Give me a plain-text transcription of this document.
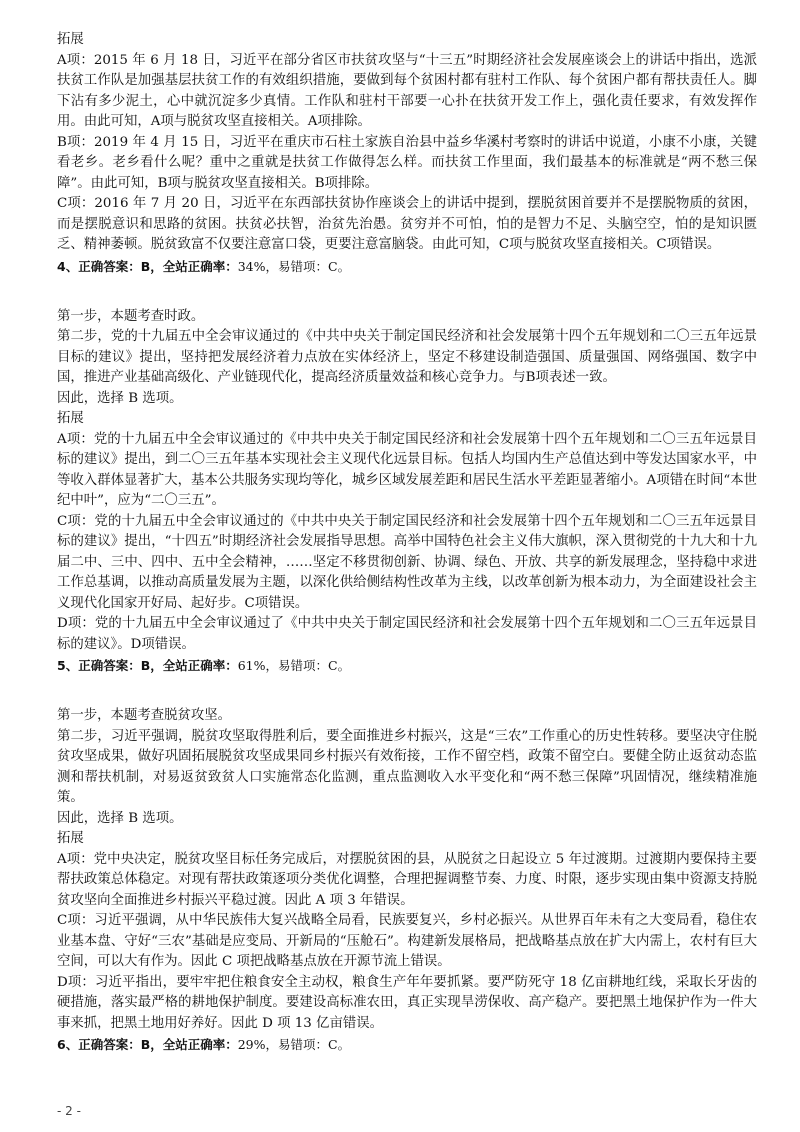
拓展

A项：2015 年 6 月 18 日，习近平在部分省区市扶贫攻坚与“十三五”时期经济社会发展座谈会上的讲话中指出，选派扶贫工作队是加强基层扶贫工作的有效组织措施，要做到每个贫困村都有驻村工作队、每个贫困户都有帮扶责任人。脚下沾有多少泥土，心中就沉淀多少真情。工作队和驻村干部要一心扑在扶贫开发工作上，强化责任要求，有效发挥作用。由此可知，A项与脱贫攻坚直接相关。A项排除。

B项：2019 年 4 月 15 日，习近平在重庆市石柱土家族自治县中益乡华溪村考察时的讲话中说道，小康不小康，关键看老乡。老乡看什么呢？重中之重就是扶贫工作做得怎么样。而扶贫工作里面，我们最基本的标准就是“两不愁三保障”。由此可知，B项与脱贫攻坚直接相关。B项排除。

C项：2016 年 7 月 20 日，习近平在东西部扶贫协作座谈会上的讲话中提到，摆脱贫困首要并不是摆脱物质的贫困，而是摆脱意识和思路的贫困。扶贫必扶智，治贫先治愚。贫穷并不可怕，怕的是智力不足、头脑空空，怕的是知识匮乏、精神萎顿。脱贫致富不仅要注意富口袋，更要注意富脑袋。由此可知，C项与脱贫攻坚直接相关。C项错误。

4、正确答案：B，全站正确率：34%，易错项：C。

第一步，本题考查时政。

第二步，党的十九届五中全会审议通过的《中共中央关于制定国民经济和社会发展第十四个五年规划和二〇三五年远景目标的建议》提出，坚持把发展经济着力点放在实体经济上，坚定不移建设制造强国、质量强国、网络强国、数字中国，推进产业基础高级化、产业链现代化，提高经济质量效益和核心竞争力。与B项表述一致。

因此，选择 B 选项。

拓展

A项：党的十九届五中全会审议通过的《中共中央关于制定国民经济和社会发展第十四个五年规划和二〇三五年远景目标的建议》提出，到二〇三五年基本实现社会主义现代化远景目标。包括人均国内生产总值达到中等发达国家水平，中等收入群体显著扩大，基本公共服务实现均等化，城乡区域发展差距和居民生活水平差距显著缩小。A项错在时间“本世纪中叶”，应为“二〇三五”。

C项：党的十九届五中全会审议通过的《中共中央关于制定国民经济和社会发展第十四个五年规划和二〇三五年远景目标的建议》提出，“十四五”时期经济社会发展指导思想。高举中国特色社会主义伟大旗帜，深入贯彻党的十九大和十九届二中、三中、四中、五中全会精神，……坚定不移贯彻创新、协调、绿色、开放、共享的新发展理念，坚持稳中求进工作总基调，以推动高质量发展为主题，以深化供给侧结构性改革为主线，以改革创新为根本动力，为全面建设社会主义现代化国家开好局、起好步。C项错误。

D项：党的十九届五中全会审议通过了《中共中央关于制定国民经济和社会发展第十四个五年规划和二〇三五年远景目标的建议》。D项错误。

5、正确答案：B，全站正确率：61%，易错项：C。

第一步，本题考查脱贫攻坚。

第二步，习近平强调，脱贫攻坚取得胜利后，要全面推进乡村振兴，这是“三农”工作重心的历史性转移。要坚决守住脱贫攻坚成果，做好巩固拓展脱贫攻坚成果同乡村振兴有效衔接，工作不留空档，政策不留空白。要健全防止返贫动态监测和帮扶机制，对易返贫致贫人口实施常态化监测，重点监测收入水平变化和“两不愁三保障”巩固情况，继续精准施策。

因此，选择 B 选项。

拓展

A项：党中央决定，脱贫攻坚目标任务完成后，对摆脱贫困的县，从脱贫之日起设立 5 年过渡期。过渡期内要保持主要帮扶政策总体稳定。对现有帮扶政策逐项分类优化调整，合理把握调整节奏、力度、时限，逐步实现由集中资源支持脱贫攻坚向全面推进乡村振兴平稳过渡。因此 A 项 3 年错误。

C项：习近平强调，从中华民族伟大复兴战略全局看，民族要复兴，乡村必振兴。从世界百年未有之大变局看，稳住农业基本盘、守好“三农”基础是应变局、开新局的“压舱石”。构建新发展格局，把战略基点放在扩大内需上，农村有巨大空间，可以大有作为。因此 C 项把战略基点放在开源节流上错误。

D项：习近平指出，要牢牢把住粮食安全主动权，粮食生产年年要抓紧。要严防死守 18 亿亩耕地红线，采取长牙齿的硬措施，落实最严格的耕地保护制度。要建设高标准农田，真正实现旱涝保收、高产稳产。要把黑土地保护作为一件大事来抓，把黑土地用好养好。因此 D 项 13 亿亩错误。

6、正确答案：B，全站正确率：29%，易错项：C。

- 2 -
